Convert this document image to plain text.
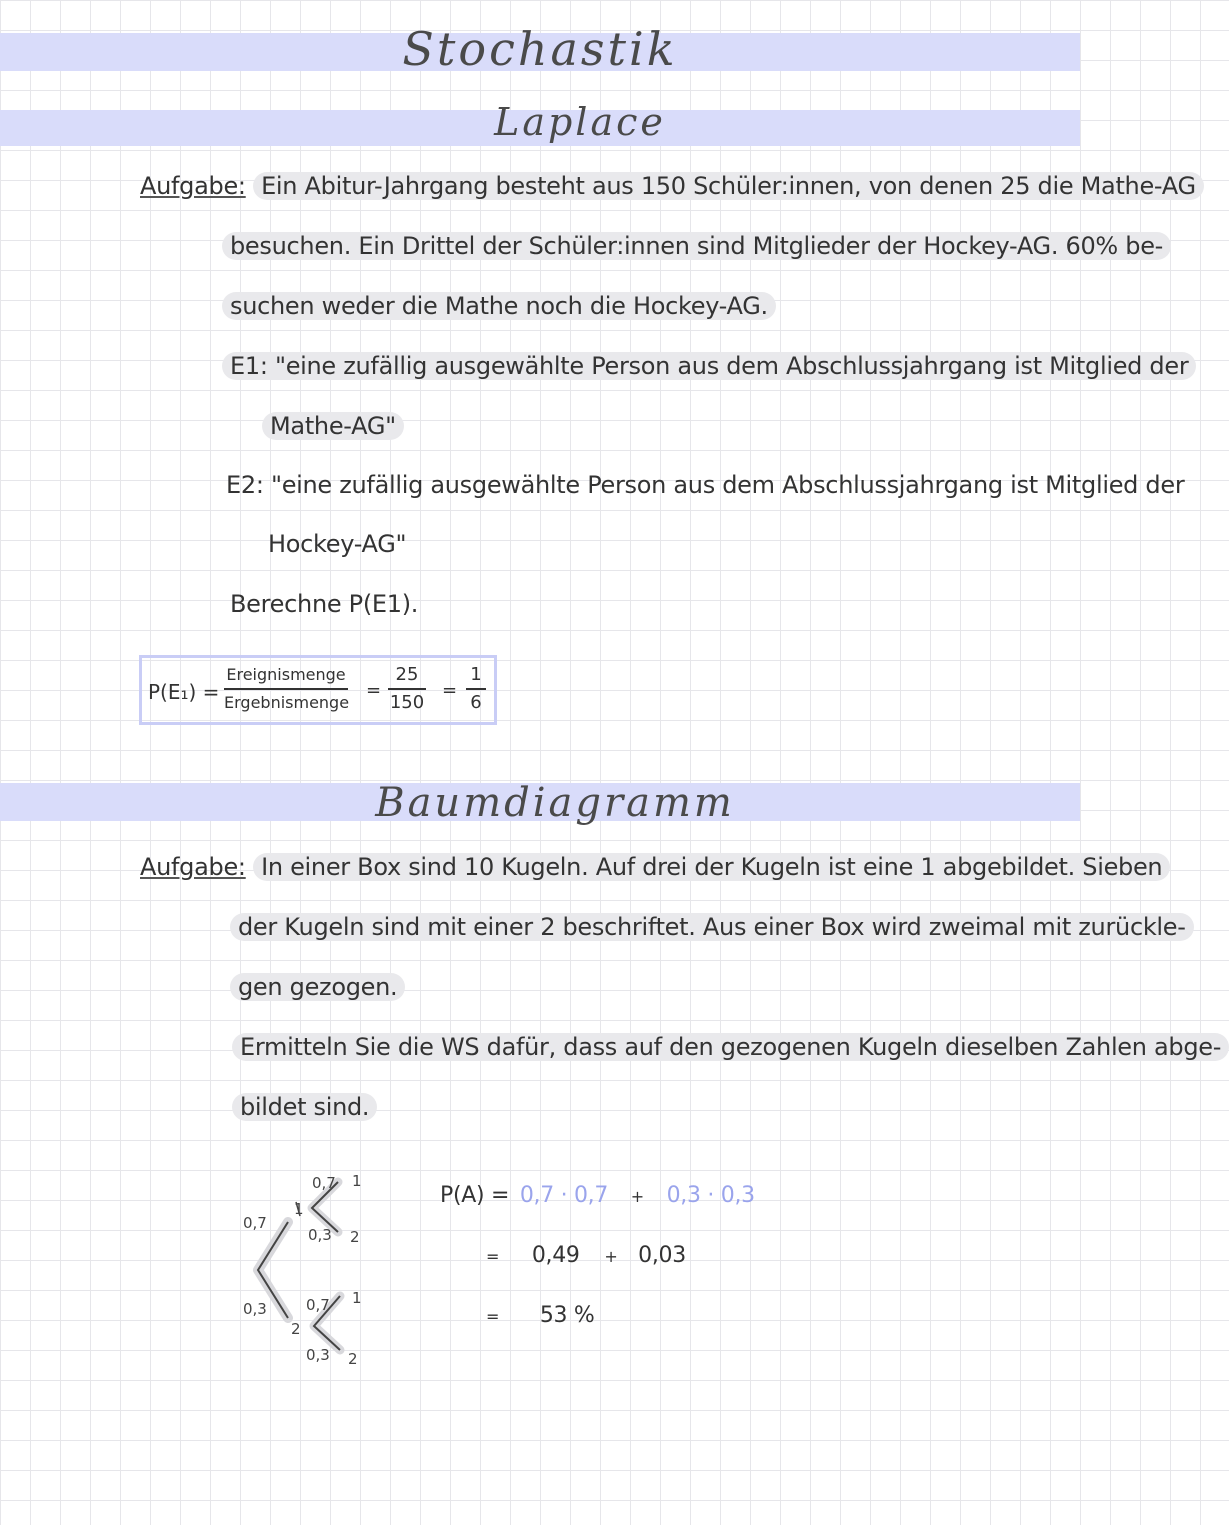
Stochastik
Laplace
Baumdiagramm
Aufgabe: Ein Abitur-Jahrgang besteht aus 150 Schüler:innen, von denen 25 die Mathe-AG
besuchen. Ein Drittel der Schüler:innen sind Mitglieder der Hockey-AG. 60% be-
suchen weder die Mathe noch die Hockey-AG.
E1: "eine zufällig ausgewählte Person aus dem Abschlussjahrgang ist Mitglied der
Mathe-AG"
E2: "eine zufällig ausgewählte Person aus dem Abschlussjahrgang ist Mitglied der
Hockey-AG"
Berechne P(E1).
P(E₁) =
Ereignismenge
Ergebnismenge
=
25
150
=
1
6
Aufgabe: In einer Box sind 10 Kugeln. Auf drei der Kugeln ist eine 1 abgebildet. Sieben
der Kugeln sind mit einer 2 beschriftet. Aus einer Box wird zweimal mit zurückle-
gen gezogen.
Ermitteln Sie die WS dafür, dass auf den gezogenen Kugeln dieselben Zahlen abge-
bildet sind.
0,7
0,3
1
2
0,7 1
0,3 2
0,7 1
0,3 2
P(A) = 0,7 · 0,7 + 0,3 · 0,3
= 0,49 + 0,03
= 53 %
